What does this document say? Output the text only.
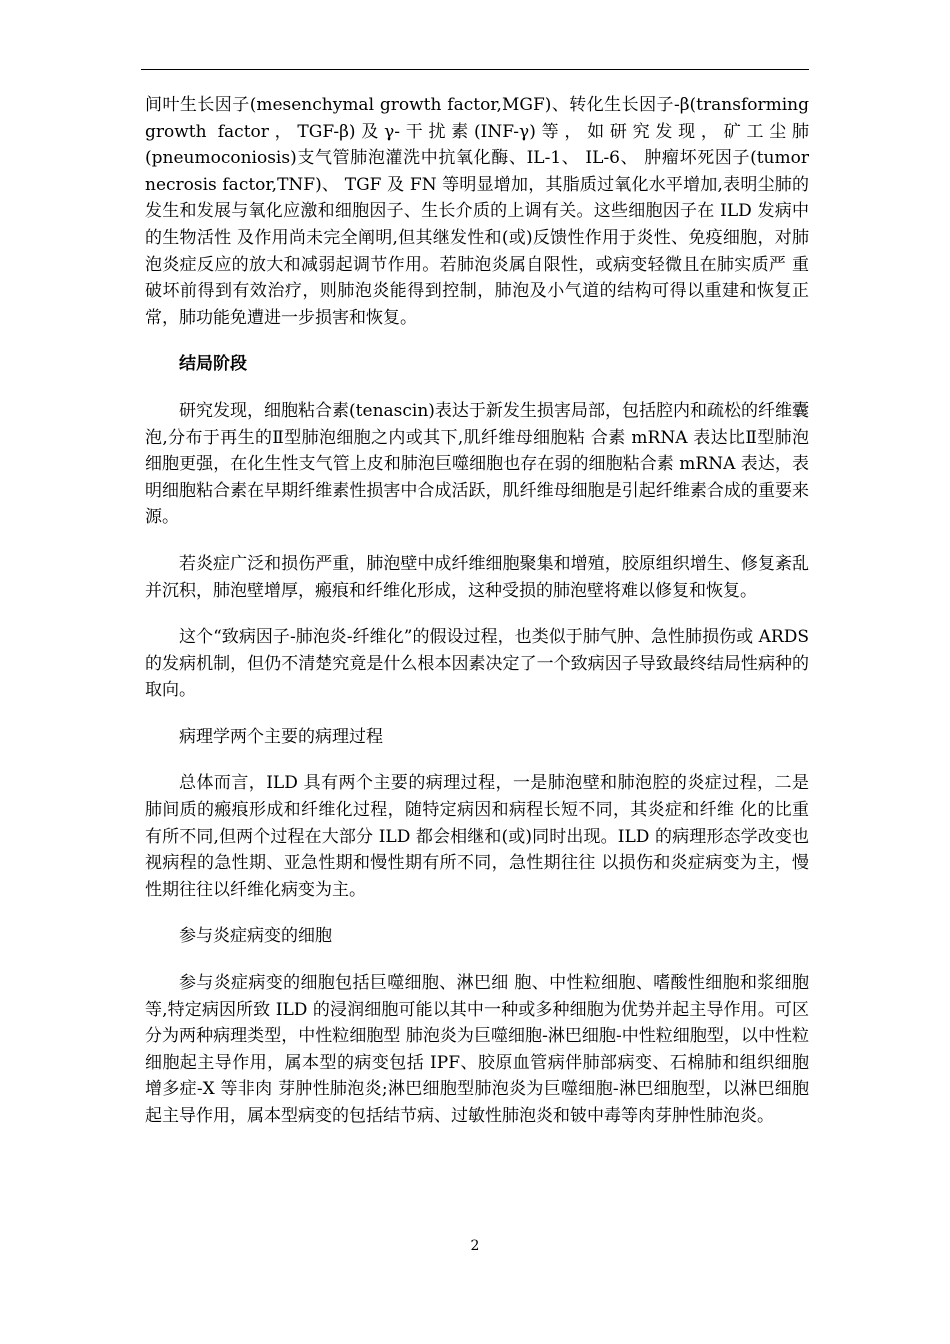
间叶生长因子(mesenchymal growth factor,MGF)、转化生长因子-β(transforming growth factor，TGF-β)及γ-干扰素(INF-γ)等，如研究发现，矿工尘肺(pneumoconiosis)支气管肺泡灌洗中抗氧化酶、IL-1、 IL-6、 肿瘤坏死因子(tumor necrosis factor,TNF)、 TGF 及 FN 等明显增加，其脂质过氧化水平增加,表明尘肺的发生和发展与氧化应激和细胞因子、生长介质的上调有关。这些细胞因子在 ILD 发病中的生物活性 及作用尚未完全阐明,但其继发性和(或)反馈性作用于炎性、免疫细胞，对肺泡炎症反应的放大和减弱起调节作用。若肺泡炎属自限性，或病变轻微且在肺实质严 重破坏前得到有效治疗，则肺泡炎能得到控制，肺泡及小气道的结构可得以重建和恢复正常，肺功能免遭进一步损害和恢复。

结局阶段

研究发现，细胞粘合素(tenascin)表达于新发生损害局部，包括腔内和疏松的纤维囊泡,分布于再生的Ⅱ型肺泡细胞之内或其下,肌纤维母细胞粘 合素 mRNA 表达比Ⅱ型肺泡细胞更强，在化生性支气管上皮和肺泡巨噬细胞也存在弱的细胞粘合素 mRNA 表达，表明细胞粘合素在早期纤维素性损害中合成活跃，肌纤维母细胞是引起纤维素合成的重要来源。

若炎症广泛和损伤严重，肺泡壁中成纤维细胞聚集和增殖，胶原组织增生、修复紊乱并沉积，肺泡壁增厚，瘢痕和纤维化形成，这种受损的肺泡壁将难以修复和恢复。

这个“致病因子-肺泡炎-纤维化”的假设过程，也类似于肺气肿、急性肺损伤或 ARDS 的发病机制，但仍不清楚究竟是什么根本因素决定了一个致病因子导致最终结局性病种的取向。

病理学两个主要的病理过程

总体而言，ILD 具有两个主要的病理过程，一是肺泡壁和肺泡腔的炎症过程，二是肺间质的瘢痕形成和纤维化过程，随特定病因和病程长短不同，其炎症和纤维 化的比重有所不同,但两个过程在大部分 ILD 都会相继和(或)同时出现。ILD 的病理形态学改变也视病程的急性期、亚急性期和慢性期有所不同，急性期往往 以损伤和炎症病变为主，慢性期往往以纤维化病变为主。

参与炎症病变的细胞

参与炎症病变的细胞包括巨噬细胞、淋巴细 胞、中性粒细胞、嗜酸性细胞和浆细胞等,特定病因所致 ILD 的浸润细胞可能以其中一种或多种细胞为优势并起主导作用。可区分为两种病理类型，中性粒细胞型 肺泡炎为巨噬细胞-淋巴细胞-中性粒细胞型，以中性粒细胞起主导作用，属本型的病变包括 IPF、胶原血管病伴肺部病变、石棉肺和组织细胞增多症-X 等非肉 芽肿性肺泡炎;淋巴细胞型肺泡炎为巨噬细胞-淋巴细胞型，以淋巴细胞起主导作用，属本型病变的包括结节病、过敏性肺泡炎和铍中毒等肉芽肿性肺泡炎。

2
